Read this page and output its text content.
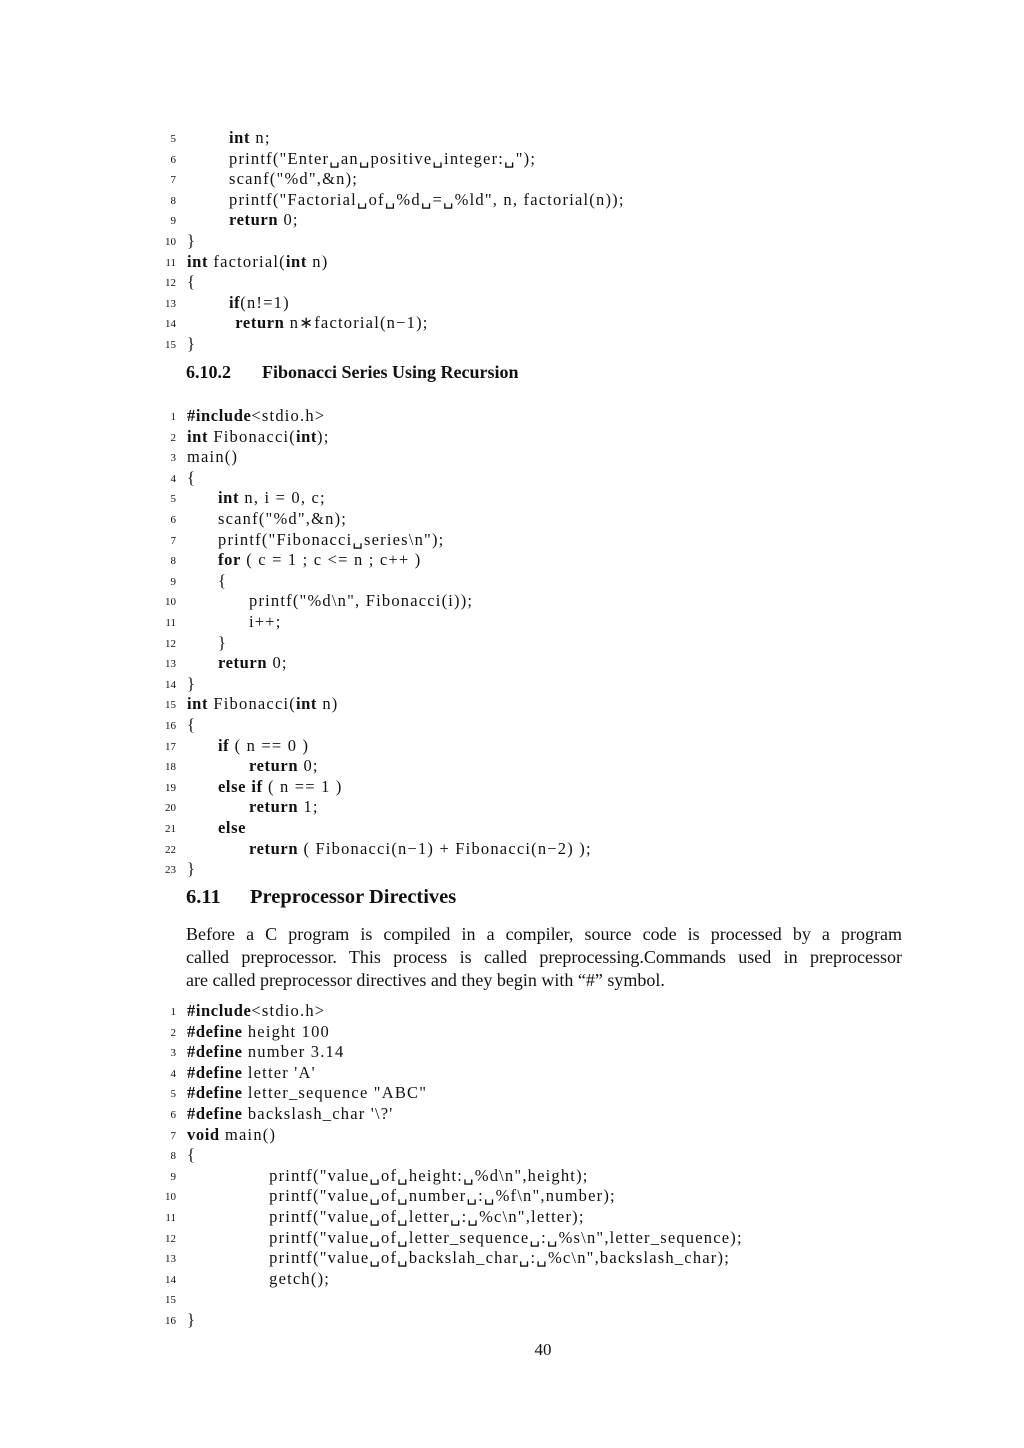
5	int n;
6	printf("Enter␣an␣positive␣integer:␣");
7	scanf("%d",&n);
8	printf("Factorial␣of␣%d␣=␣%ld", n, factorial(n));
9	return 0;
10 }
11 int factorial(int n)
12 {
13	if(n!=1)
14	return n∗factorial(n−1);
15 }
6.10.2 Fibonacci Series Using Recursion
1 #include<stdio.h>
2 int Fibonacci(int);
3 main()
4 {
5	int n, i = 0, c;
6	scanf("%d",&n);
7	printf("Fibonacci␣series\n");
8	for ( c = 1 ; c <= n ; c++ )
9	{
10	printf("%d\n", Fibonacci(i));
11	i++;
12	}
13	return 0;
14 }
15 int Fibonacci(int n)
16 {
17	if ( n == 0 )
18	return 0;
19	else if ( n == 1 )
20	return 1;
21	else
22	return ( Fibonacci(n−1) + Fibonacci(n−2) );
23 }
6.11 Preprocessor Directives
Before a C program is compiled in a compiler, source code is processed by a program
called preprocessor. This process is called preprocessing.Commands used in preprocessor
are called preprocessor directives and they begin with “#” symbol.
1 #include<stdio.h>
2 #define height 100
3 #define number 3.14
4 #define letter 'A'
5 #define letter_sequence "ABC"
6 #define backslash_char '\?'
7 void main()
8 {
9	printf("value␣of␣height:␣%d\n",height);
10	printf("value␣of␣number␣:␣%f\n",number);
11	printf("value␣of␣letter␣:␣%c\n",letter);
12	printf("value␣of␣letter_sequence␣:␣%s\n",letter_sequence);
13	printf("value␣of␣backslah_char␣:␣%c\n",backslash_char);
14	getch();
15
16 }
40
